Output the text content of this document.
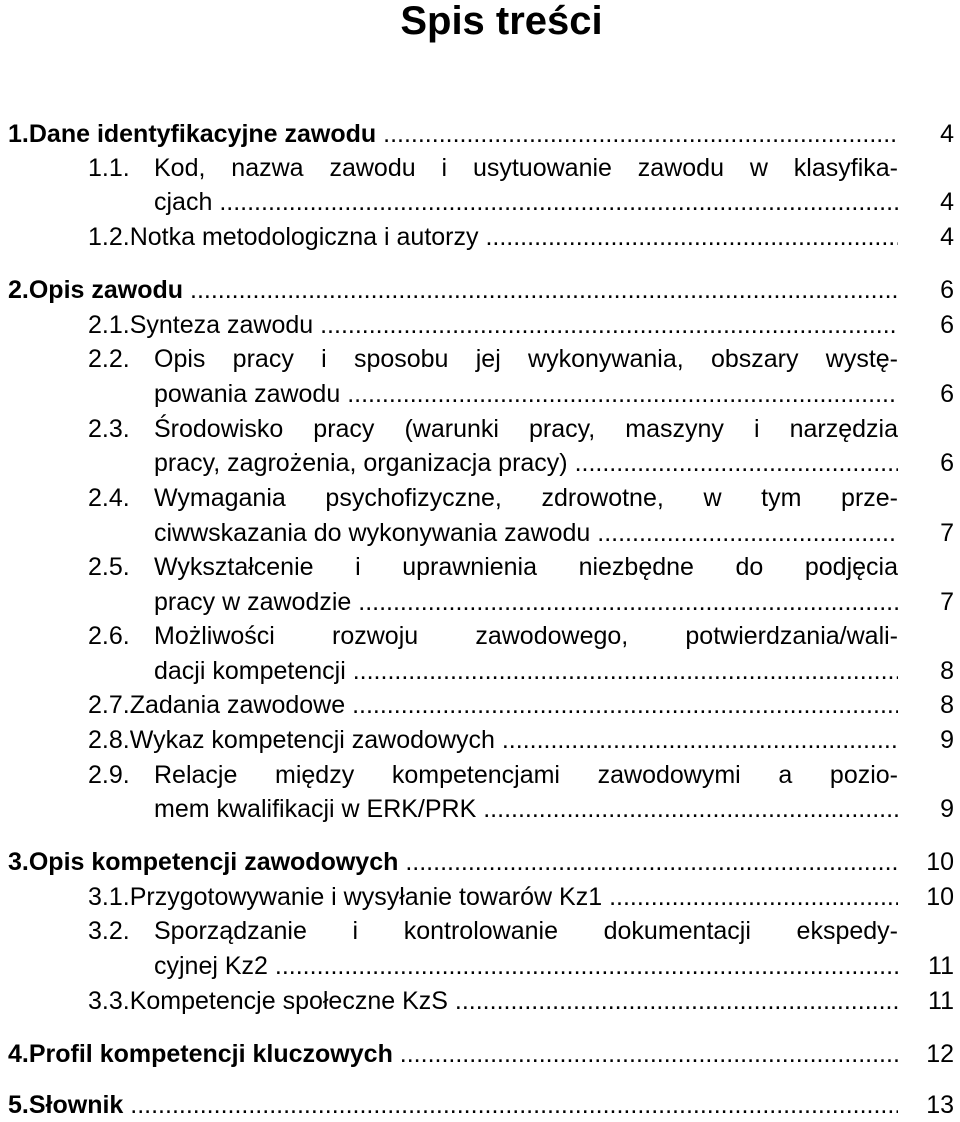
Spis treści
1. Dane identyfikacyjne zawodu .....	4
1.1. Kod, nazwa zawodu i usytuowanie zawodu w klasyfika-
cjach .....	4
1.2. Notka metodologiczna i autorzy .....	4
2. Opis zawodu .....	6
2.1. Synteza zawodu .....	6
2.2. Opis pracy i sposobu jej wykonywania, obszary wystę-
powania zawodu .....	6
2.3. Środowisko pracy (warunki pracy, maszyny i narzędzia
pracy, zagrożenia, organizacja pracy) .....	6
2.4. Wymagania psychofizyczne, zdrowotne, w tym prze-
ciwwskazania do wykonywania zawodu .....	7
2.5. Wykształcenie i uprawnienia niezbędne do podjęcia
pracy w zawodzie .....	7
2.6. Możliwości rozwoju zawodowego, potwierdzania/wali-
dacji kompetencji .....	8
2.7. Zadania zawodowe .....	8
2.8. Wykaz kompetencji zawodowych .....	9
2.9. Relacje między kompetencjami zawodowymi a pozio-
mem kwalifikacji w ERK/PRK .....	9
3. Opis kompetencji zawodowych .....	10
3.1. Przygotowywanie i wysyłanie towarów Kz1 .....	10
3.2. Sporządzanie i kontrolowanie dokumentacji ekspedy-
cyjnej Kz2 .....	11
3.3. Kompetencje społeczne KzS .....	11
4. Profil kompetencji kluczowych .....	12
5. Słownik .....	13
